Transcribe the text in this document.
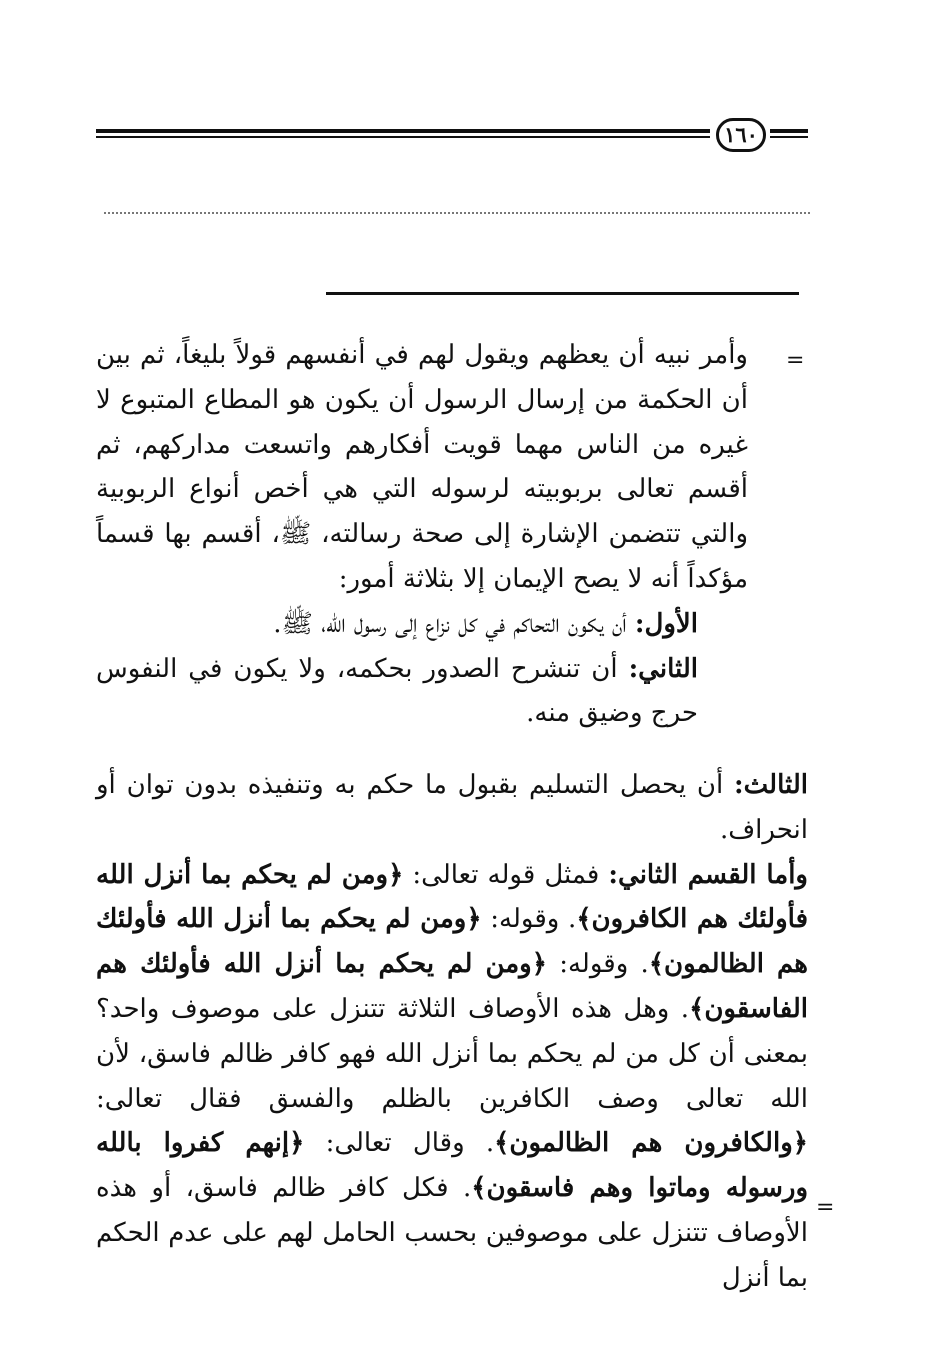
١٦٠
=
=

وأمر نبيه أن يعظهم ويقول لهم في أنفسهم قولاً بليغاً، ثم بين أن الحكمة من إرسال الرسول أن يكون هو المطاع المتبوع لا غيره من الناس مهما قويت أفكارهم واتسعت مداركهم، ثم أقسم تعالى بربوبيته لرسوله التي هي أخص أنواع الربوبية والتي تتضمن الإشارة إلى صحة رسالته، ﷺ، أقسم بها قسماً مؤكداً أنه لا يصح الإيمان إلا بثلاثة أمور:

الأول: أن يكون التحاكم في كل نزاع إلى رسول الله، ﷺ.

الثاني: أن تنشرح الصدور بحكمه، ولا يكون في النفوس حرج وضيق منه.

الثالث: أن يحصل التسليم بقبول ما حكم به وتنفيذه بدون توان أو انحراف.

وأما القسم الثاني: فمثل قوله تعالى: ﴿ومن لم يحكم بما أنزل الله فأولئك هم الكافرون﴾. وقوله: ﴿ومن لم يحكم بما أنزل الله فأولئك هم الظالمون﴾. وقوله: ﴿ومن لم يحكم بما أنزل الله فأولئك هم الفاسقون﴾. وهل هذه الأوصاف الثلاثة تتنزل على موصوف واحد؟ بمعنى أن كل من لم يحكم بما أنزل الله فهو كافر ظالم فاسق، لأن الله تعالى وصف الكافرين بالظلم والفسق فقال تعالى: ﴿والكافرون هم الظالمون﴾. وقال تعالى: ﴿إنهم كفروا بالله ورسوله وماتوا وهم فاسقون﴾. فكل كافر ظالم فاسق، أو هذه الأوصاف تتنزل على موصوفين بحسب الحامل لهم على عدم الحكم بما أنزل
